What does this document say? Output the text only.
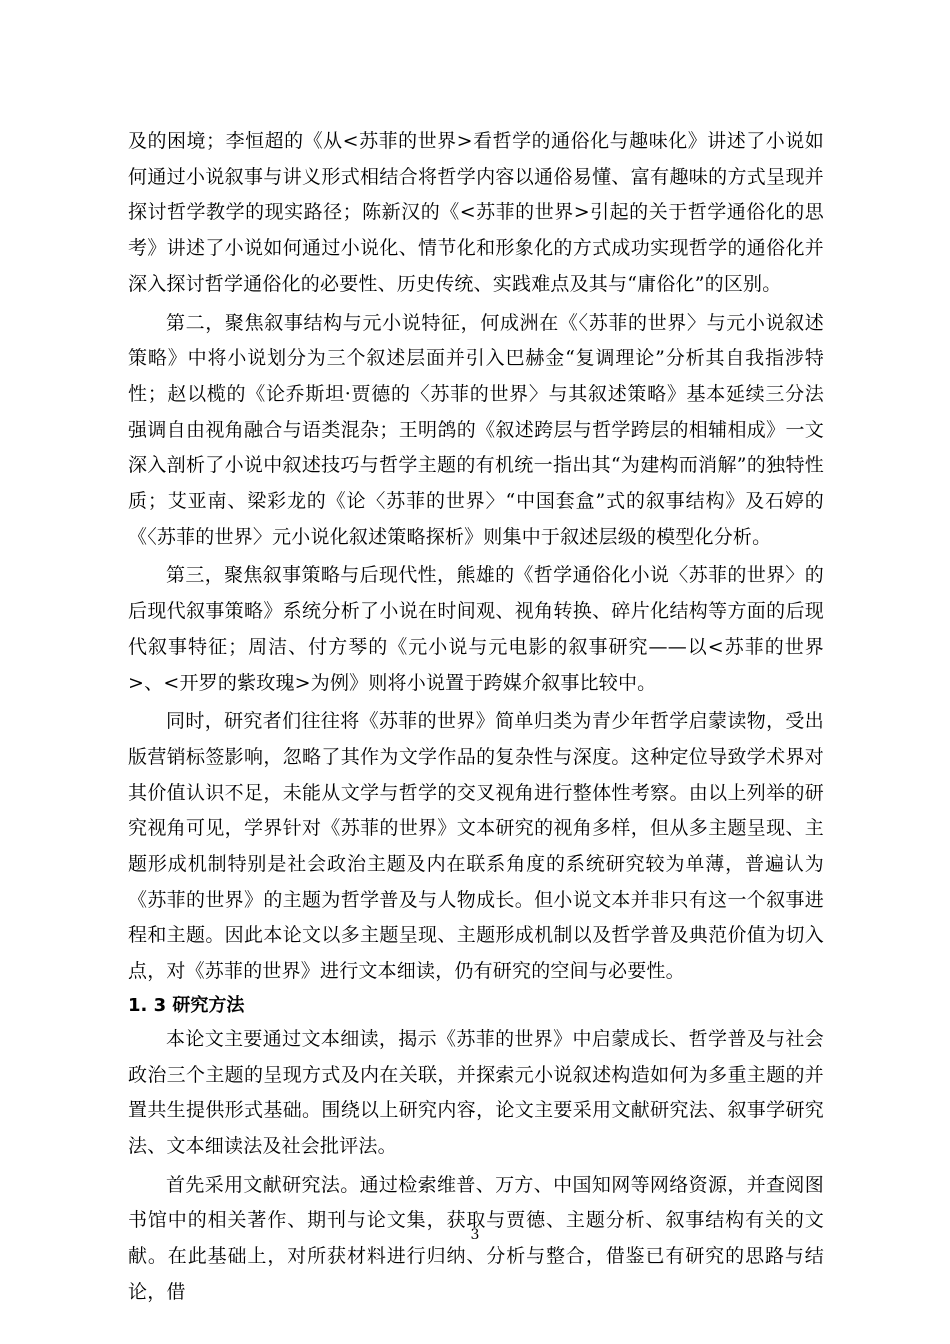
及的困境；李恒超的《从<苏菲的世界>看哲学的通俗化与趣味化》讲述了小说如何通过小说叙事与讲义形式相结合将哲学内容以通俗易懂、富有趣味的方式呈现并探讨哲学教学的现实路径；陈新汉的《<苏菲的世界>引起的关于哲学通俗化的思考》讲述了小说如何通过小说化、情节化和形象化的方式成功实现哲学的通俗化并深入探讨哲学通俗化的必要性、历史传统、实践难点及其与“庸俗化”的区别。

第二，聚焦叙事结构与元小说特征，何成洲在《〈苏菲的世界〉与元小说叙述策略》中将小说划分为三个叙述层面并引入巴赫金“复调理论”分析其自我指涉特性；赵以榄的《论乔斯坦·贾德的〈苏菲的世界〉与其叙述策略》基本延续三分法强调自由视角融合与语类混杂；王明鸽的《叙述跨层与哲学跨层的相辅相成》一文深入剖析了小说中叙述技巧与哲学主题的有机统一指出其“为建构而消解”的独特性质；艾亚南、梁彩龙的《论〈苏菲的世界〉“中国套盒”式的叙事结构》及石婷的《〈苏菲的世界〉元小说化叙述策略探析》则集中于叙述层级的模型化分析。

第三，聚焦叙事策略与后现代性，熊雄的《哲学通俗化小说〈苏菲的世界〉的后现代叙事策略》系统分析了小说在时间观、视角转换、碎片化结构等方面的后现代叙事特征；周洁、付方琴的《元小说与元电影的叙事研究——以<苏菲的世界>、<开罗的紫玫瑰>为例》则将小说置于跨媒介叙事比较中。

同时，研究者们往往将《苏菲的世界》简单归类为青少年哲学启蒙读物，受出版营销标签影响，忽略了其作为文学作品的复杂性与深度。这种定位导致学术界对其价值认识不足，未能从文学与哲学的交叉视角进行整体性考察。由以上列举的研究视角可见，学界针对《苏菲的世界》文本研究的视角多样，但从多主题呈现、主题形成机制特别是社会政治主题及内在联系角度的系统研究较为单薄，普遍认为《苏菲的世界》的主题为哲学普及与人物成长。但小说文本并非只有这一个叙事进程和主题。因此本论文以多主题呈现、主题形成机制以及哲学普及典范价值为切入点，对《苏菲的世界》进行文本细读，仍有研究的空间与必要性。

1. 3 研究方法

本论文主要通过文本细读，揭示《苏菲的世界》中启蒙成长、哲学普及与社会政治三个主题的呈现方式及内在关联，并探索元小说叙述构造如何为多重主题的并置共生提供形式基础。围绕以上研究内容，论文主要采用文献研究法、叙事学研究法、文本细读法及社会批评法。

首先采用文献研究法。通过检索维普、万方、中国知网等网络资源，并查阅图书馆中的相关著作、期刊与论文集，获取与贾德、主题分析、叙事结构有关的文献。在此基础上，对所获材料进行归纳、分析与整合，借鉴已有研究的思路与结论，借

3
